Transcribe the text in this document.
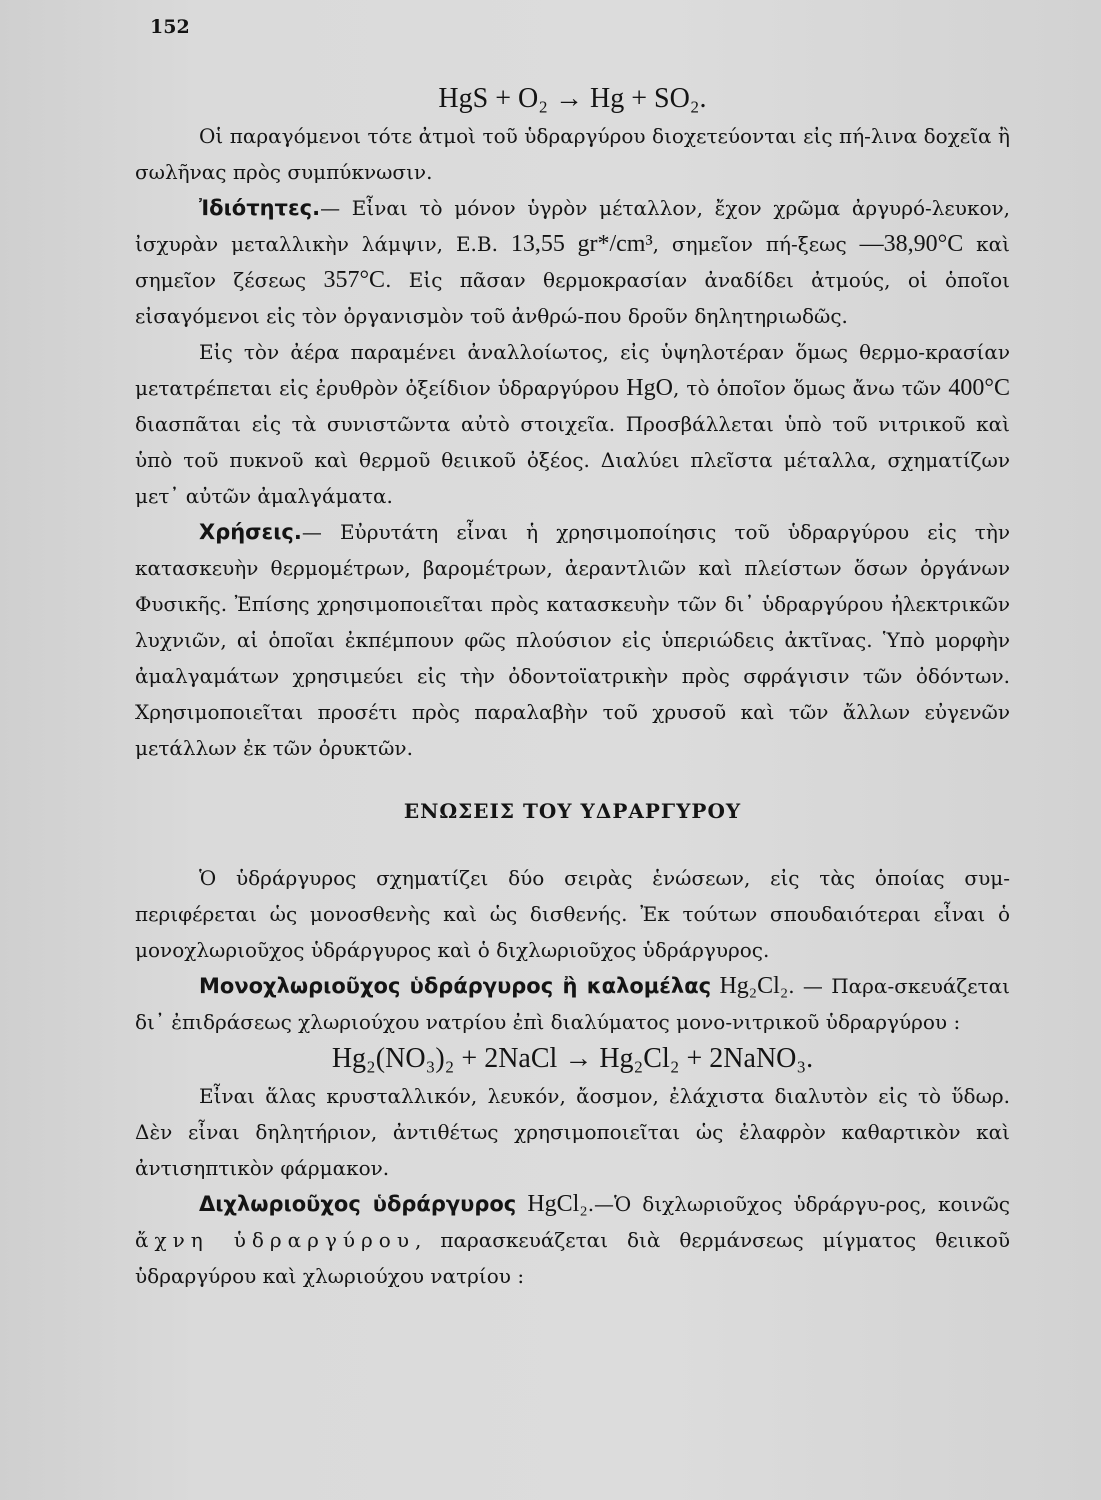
152
HgS + O₂ → Hg + SO₂.

Οἱ παραγόμενοι τότε ἀτμοὶ τοῦ ὑδραργύρου διοχετεύονται εἰς πή-λινα δοχεῖα ἢ σωλῆνας πρὸς συμπύκνωσιν.

Ἰδιότητες.— Εἶναι τὸ μόνον ὑγρὸν μέταλλον, ἔχον χρῶμα ἀργυρό-λευκον, ἰσχυρὰν μεταλλικὴν λάμψιν, Ε.Β. 13,55 gr*/cm³, σημεῖον πή-ξεως —38,90°C καὶ σημεῖον ζέσεως 357°C. Εἰς πᾶσαν θερμοκρασίαν ἀναδίδει ἀτμούς, οἱ ὁποῖοι εἰσαγόμενοι εἰς τὸν ὀργανισμὸν τοῦ ἀνθρώ-που δροῦν δηλητηριωδῶς.

Εἰς τὸν ἀέρα παραμένει ἀναλλοίωτος, εἰς ὑψηλοτέραν ὅμως θερμο-κρασίαν μετατρέπεται εἰς ἐρυθρὸν ὀξείδιον ὑδραργύρου HgO, τὸ ὁποῖον ὅμως ἄνω τῶν 400°C διασπᾶται εἰς τὰ συνιστῶντα αὐτὸ στοιχεῖα. Προσβάλλεται ὑπὸ τοῦ νιτρικοῦ καὶ ὑπὸ τοῦ πυκνοῦ καὶ θερμοῦ θειικοῦ ὀξέος. Διαλύει πλεῖστα μέταλλα, σχηματίζων μετ᾽ αὐτῶν ἀμαλγάματα.

Χρήσεις.— Εὐρυτάτη εἶναι ἡ χρησιμοποίησις τοῦ ὑδραργύρου εἰς τὴν κατασκευὴν θερμομέτρων, βαρομέτρων, ἀεραντλιῶν καὶ πλείστων ὅσων ὀργάνων Φυσικῆς. Ἐπίσης χρησιμοποιεῖται πρὸς κατασκευὴν τῶν δι᾽ ὑδραργύρου ἠλεκτρικῶν λυχνιῶν, αἱ ὁποῖαι ἐκπέμπουν φῶς πλούσιον εἰς ὑπεριώδεις ἀκτῖνας. Ὑπὸ μορφὴν ἀμαλγαμάτων χρησιμεύει εἰς τὴν ὀδοντοϊατρικὴν πρὸς σφράγισιν τῶν ὀδόντων. Χρησιμοποιεῖται προσέτι πρὸς παραλαβὴν τοῦ χρυσοῦ καὶ τῶν ἄλλων εὐγενῶν μετάλλων ἐκ τῶν ὀρυκτῶν.

ΕΝΩΣΕΙΣ ΤΟΥ ΥΔΡΑΡΓΥΡΟΥ

Ὁ ὑδράργυρος σχηματίζει δύο σειρὰς ἑνώσεων, εἰς τὰς ὁποίας συμ-περιφέρεται ὡς μονοσθενὴς καὶ ὡς δισθενής. Ἐκ τούτων σπουδαιότεραι εἶναι ὁ μονοχλωριοῦχος ὑδράργυρος καὶ ὁ διχλωριοῦχος ὑδράργυρος.

Μονοχλωριοῦχος ὑδράργυρος ἢ καλομέλας Hg₂Cl₂. — Παρα-σκευάζεται δι᾽ ἐπιδράσεως χλωριούχου νατρίου ἐπὶ διαλύματος μονο-νιτρικοῦ ὑδραργύρου :

Hg₂(NO₃)₂ + 2NaCl → Hg₂Cl₂ + 2NaNO₃.

Εἶναι ἅλας κρυσταλλικόν, λευκόν, ἄοσμον, ἐλάχιστα διαλυτὸν εἰς τὸ ὕδωρ. Δὲν εἶναι δηλητήριον, ἀντιθέτως χρησιμοποιεῖται ὡς ἐλαφρὸν καθαρτικὸν καὶ ἀντισηπτικὸν φάρμακον.

Διχλωριοῦχος ὑδράργυρος HgCl₂.—Ὁ διχλωριοῦχος ὑδράργυ-ρος, κοινῶς ἄχνη ὑδραργύρου, παρασκευάζεται διὰ θερμάνσεως μίγματος θειικοῦ ὑδραργύρου καὶ χλωριούχου νατρίου :
